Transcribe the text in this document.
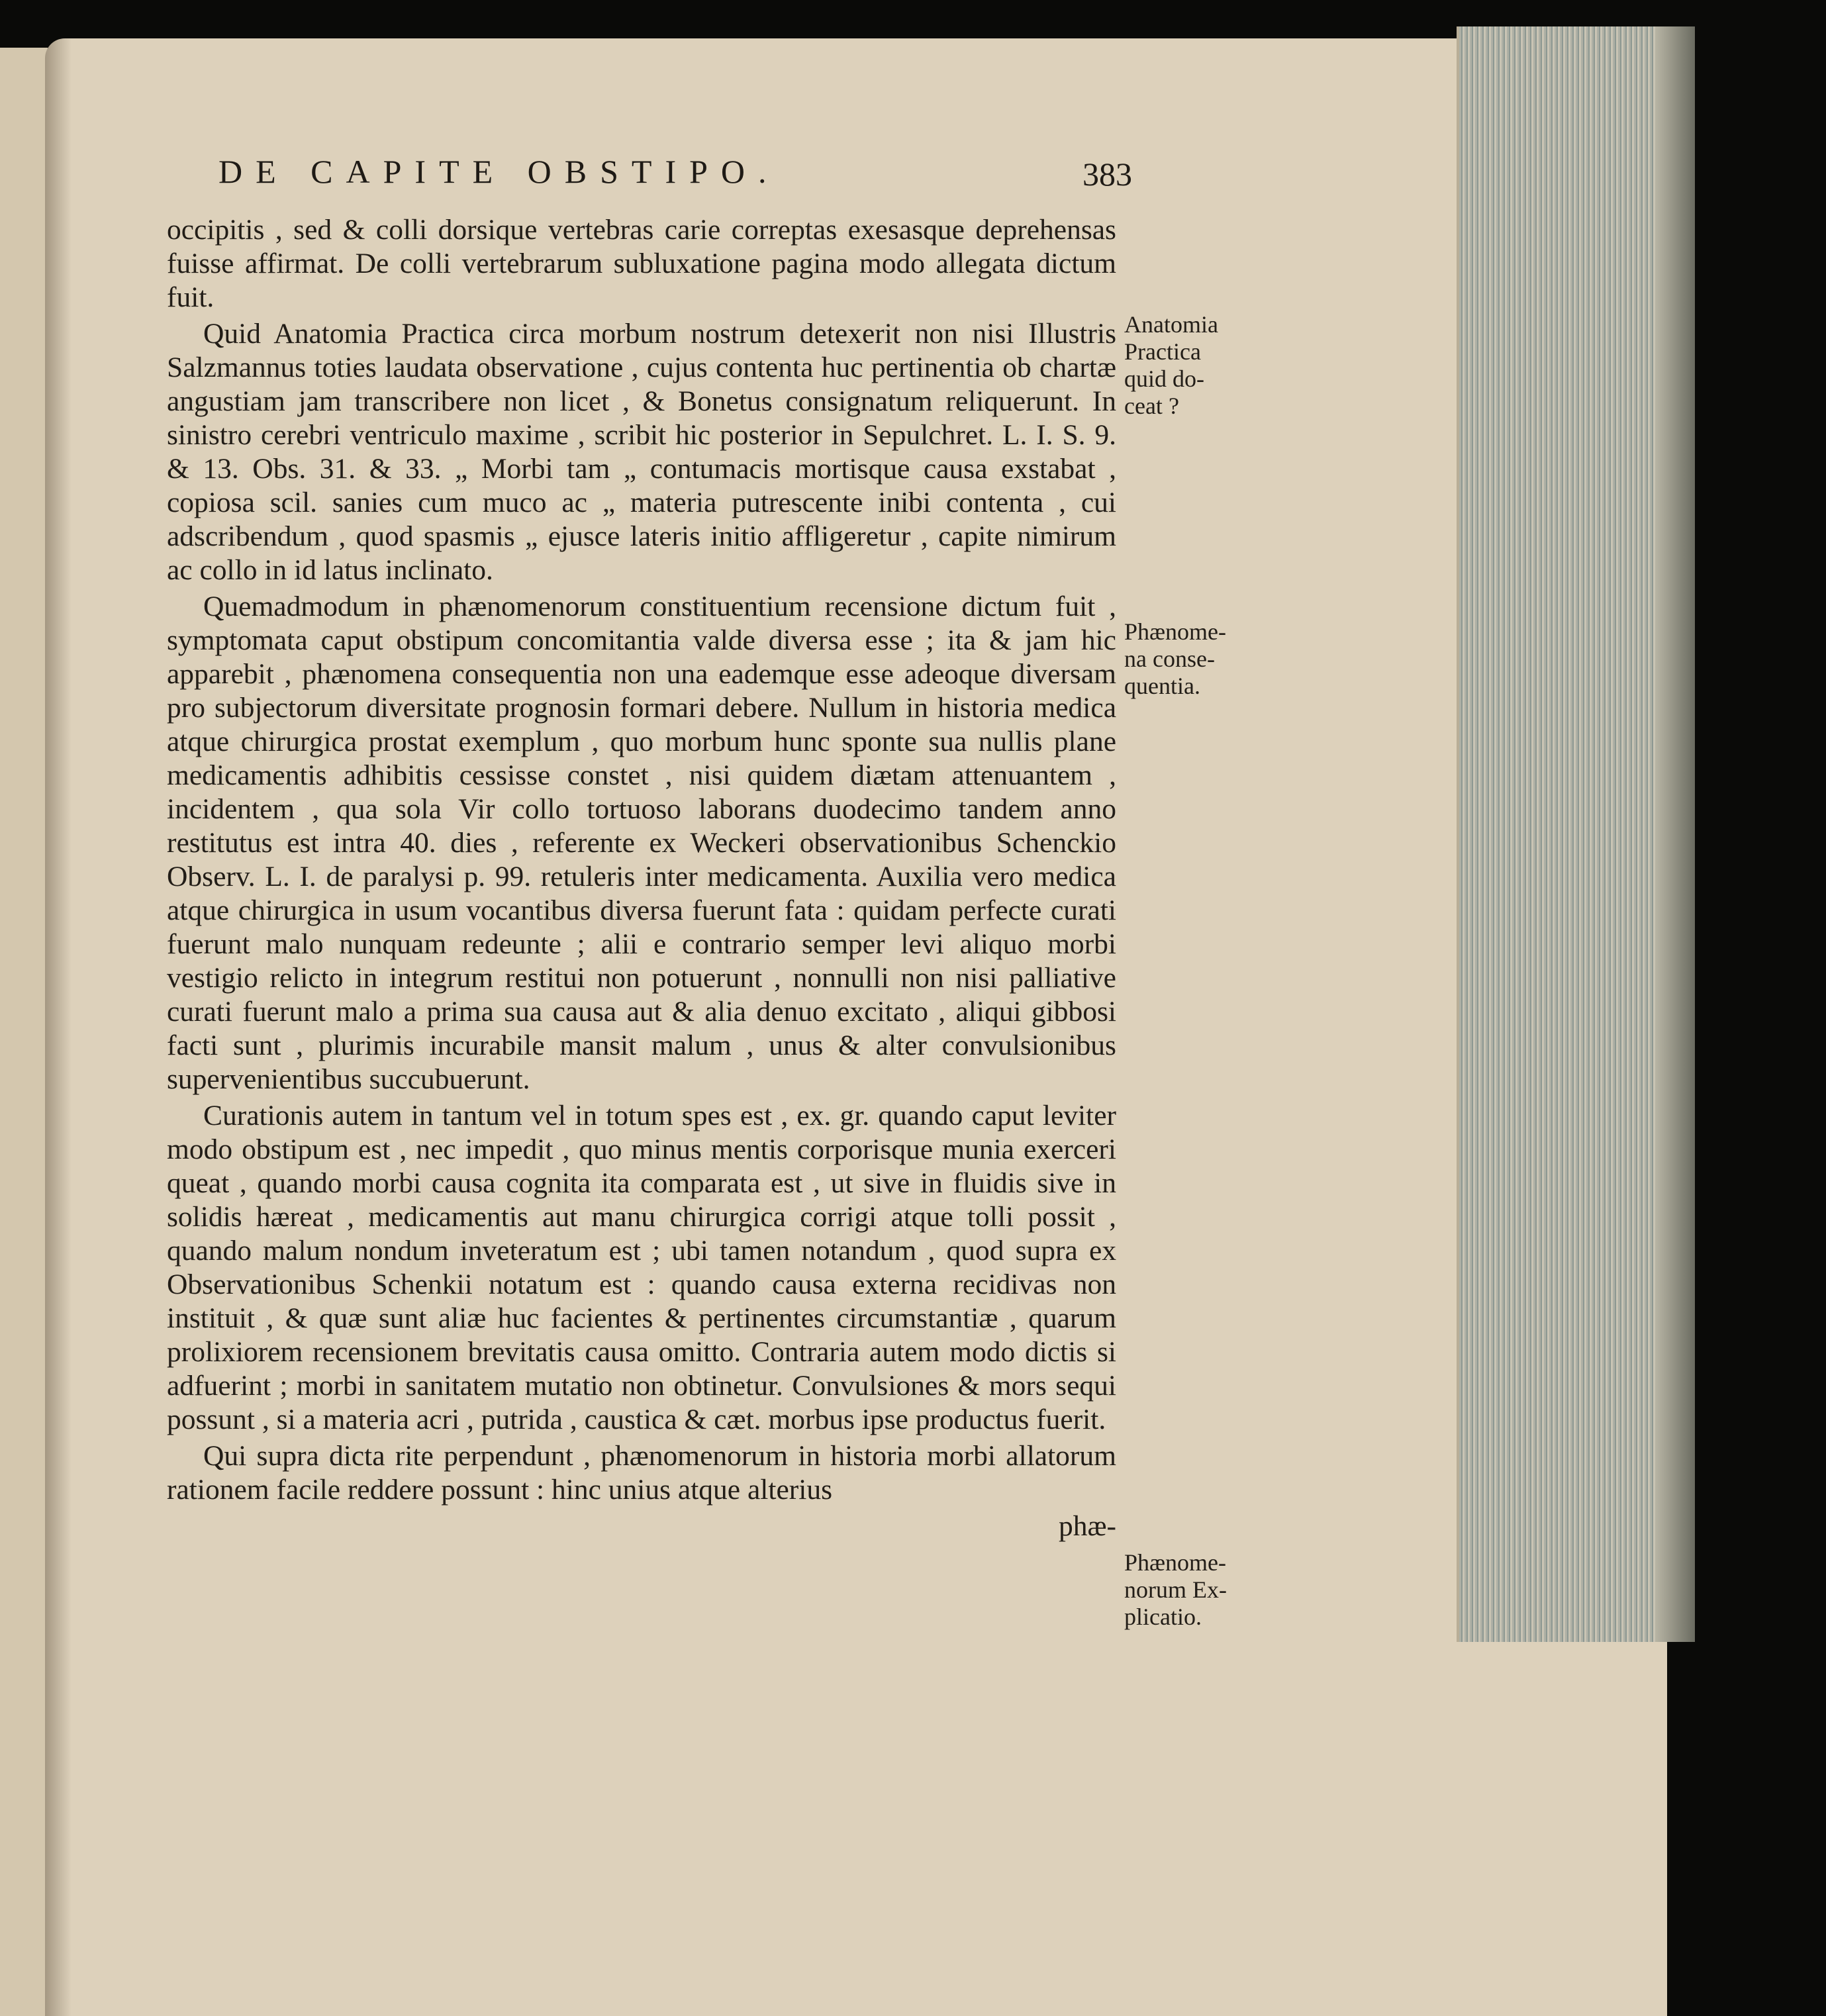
DE CAPITE OBSTIPO.	383

occipitis , sed & colli dorsique vertebras carie correptas exesasque deprehensas fuisse affirmat. De colli vertebrarum subluxatione pagina modo allegata dictum fuit.

Quid Anatomia Practica circa morbum nostrum detexerit non nisi Illustris Salzmannus toties laudata observatione , cujus contenta huc pertinentia ob chartæ angustiam jam transcribere non licet , & Bonetus consignatum reliquerunt. In sinistro cerebri ventriculo maxime , scribit hic posterior in Sepulchret. L. I. S. 9. & 13. Obs. 31. & 33. „ Morbi tam „ contumacis mortisque causa exstabat , copiosa scil. sanies cum muco ac „ materia putrescente inibi contenta , cui adscribendum , quod spasmis „ ejusce lateris initio affligeretur , capite nimirum ac collo in id latus inclinato.

Quemadmodum in phænomenorum constituentium recensione dictum fuit , symptomata caput obstipum concomitantia valde diversa esse ; ita & jam hic apparebit , phænomena consequentia non una eademque esse adeoque diversam pro subjectorum diversitate prognosin formari debere. Nullum in historia medica atque chirurgica prostat exemplum , quo morbum hunc sponte sua nullis plane medicamentis adhibitis cessisse constet , nisi quidem diætam attenuantem , incidentem , qua sola Vir collo tortuoso laborans duodecimo tandem anno restitutus est intra 40. dies , referente ex Weckeri observationibus Schenckio Observ. L. I. de paralysi p. 99. retuleris inter medicamenta. Auxilia vero medica atque chirurgica in usum vocantibus diversa fuerunt fata : quidam perfecte curati fuerunt malo nunquam redeunte ; alii e contrario semper levi aliquo morbi vestigio relicto in integrum restitui non potuerunt , nonnulli non nisi palliative curati fuerunt malo a prima sua causa aut & alia denuo excitato , aliqui gibbosi facti sunt , plurimis incurabile mansit malum , unus & alter convulsionibus supervenientibus succubuerunt.

Curationis autem in tantum vel in totum spes est , ex. gr. quando caput leviter modo obstipum est , nec impedit , quo minus mentis corporisque munia exerceri queat , quando morbi causa cognita ita comparata est , ut sive in fluidis sive in solidis hæreat , medicamentis aut manu chirurgica corrigi atque tolli possit , quando malum nondum inveteratum est ; ubi tamen notandum , quod supra ex Observationibus Schenkii notatum est : quando causa externa recidivas non instituit , & quæ sunt aliæ huc facientes & pertinentes circumstantiæ , quarum prolixiorem recensionem brevitatis causa omitto. Contraria autem modo dictis si adfuerint ; morbi in sanitatem mutatio non obtinetur. Convulsiones & mors sequi possunt , si a materia acri , putrida , caustica & cæt. morbus ipse productus fuerit.

Qui supra dicta rite perpendunt , phænomenorum in historia morbi allatorum rationem facile reddere possunt : hinc unius atque alterius

phæ-

Anatomia
Practica
quid do-
ceat ?
Phænome-
na conse-
quentia.
Phænome-
norum Ex-
plicatio.
